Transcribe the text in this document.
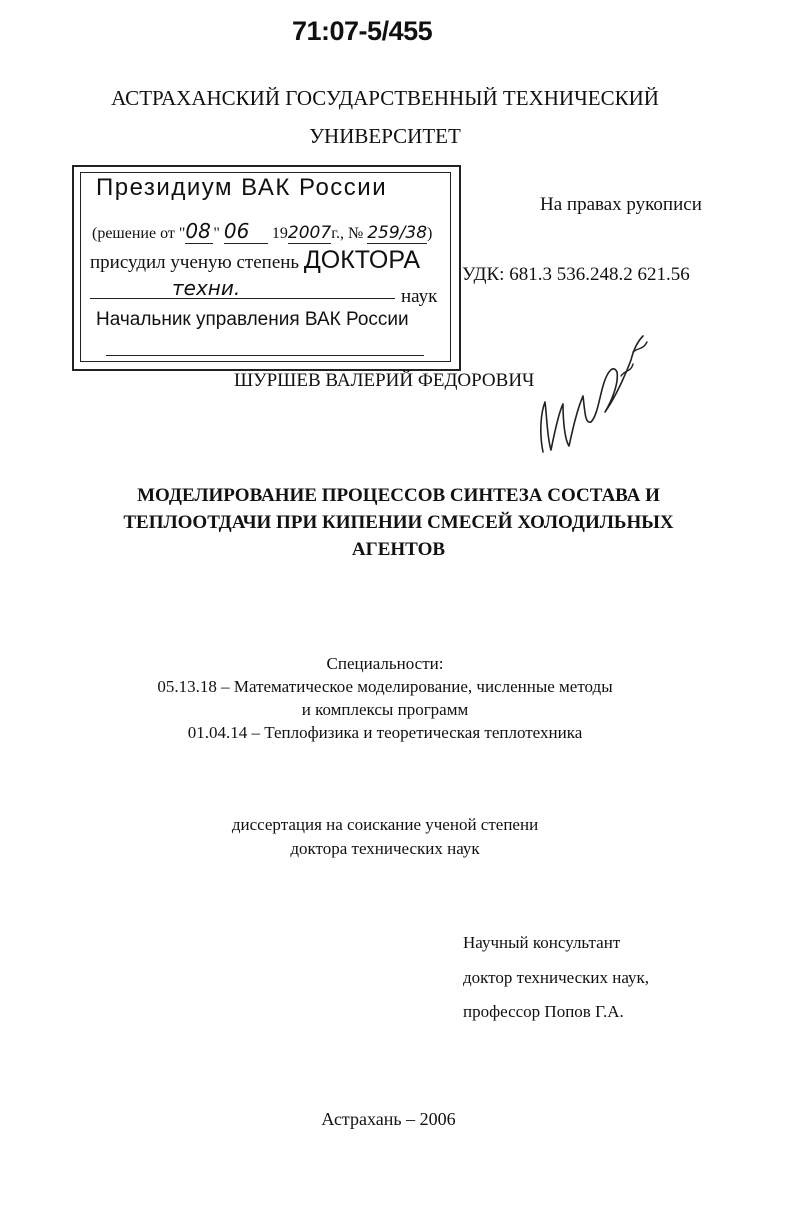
71:07-5/455
АСТРАХАНСКИЙ ГОСУДАРСТВЕННЫЙ ТЕХНИЧЕСКИЙ
УНИВЕРСИТЕТ
Президиум ВАК России
(решение от "08 " 06 192007г., № 259/38)
присудил ученую степень ДОКТОРА
техни.	наук
Начальник управления ВАК России
На правах рукописи
УДК: 681.3 536.248.2 621.56
ШУРШЕВ ВАЛЕРИЙ ФЕДОРОВИЧ
МОДЕЛИРОВАНИЕ ПРОЦЕССОВ СИНТЕЗА СОСТАВА И
ТЕПЛООТДАЧИ ПРИ КИПЕНИИ СМЕСЕЙ ХОЛОДИЛЬНЫХ
АГЕНТОВ
Специальности:
05.13.18 – Математическое моделирование, численные методы
и комплексы программ
01.04.14 – Теплофизика и теоретическая теплотехника
диссертация на соискание ученой степени
доктора технических наук
Научный консультант
доктор технических наук,
профессор Попов Г.А.
Астрахань – 2006
